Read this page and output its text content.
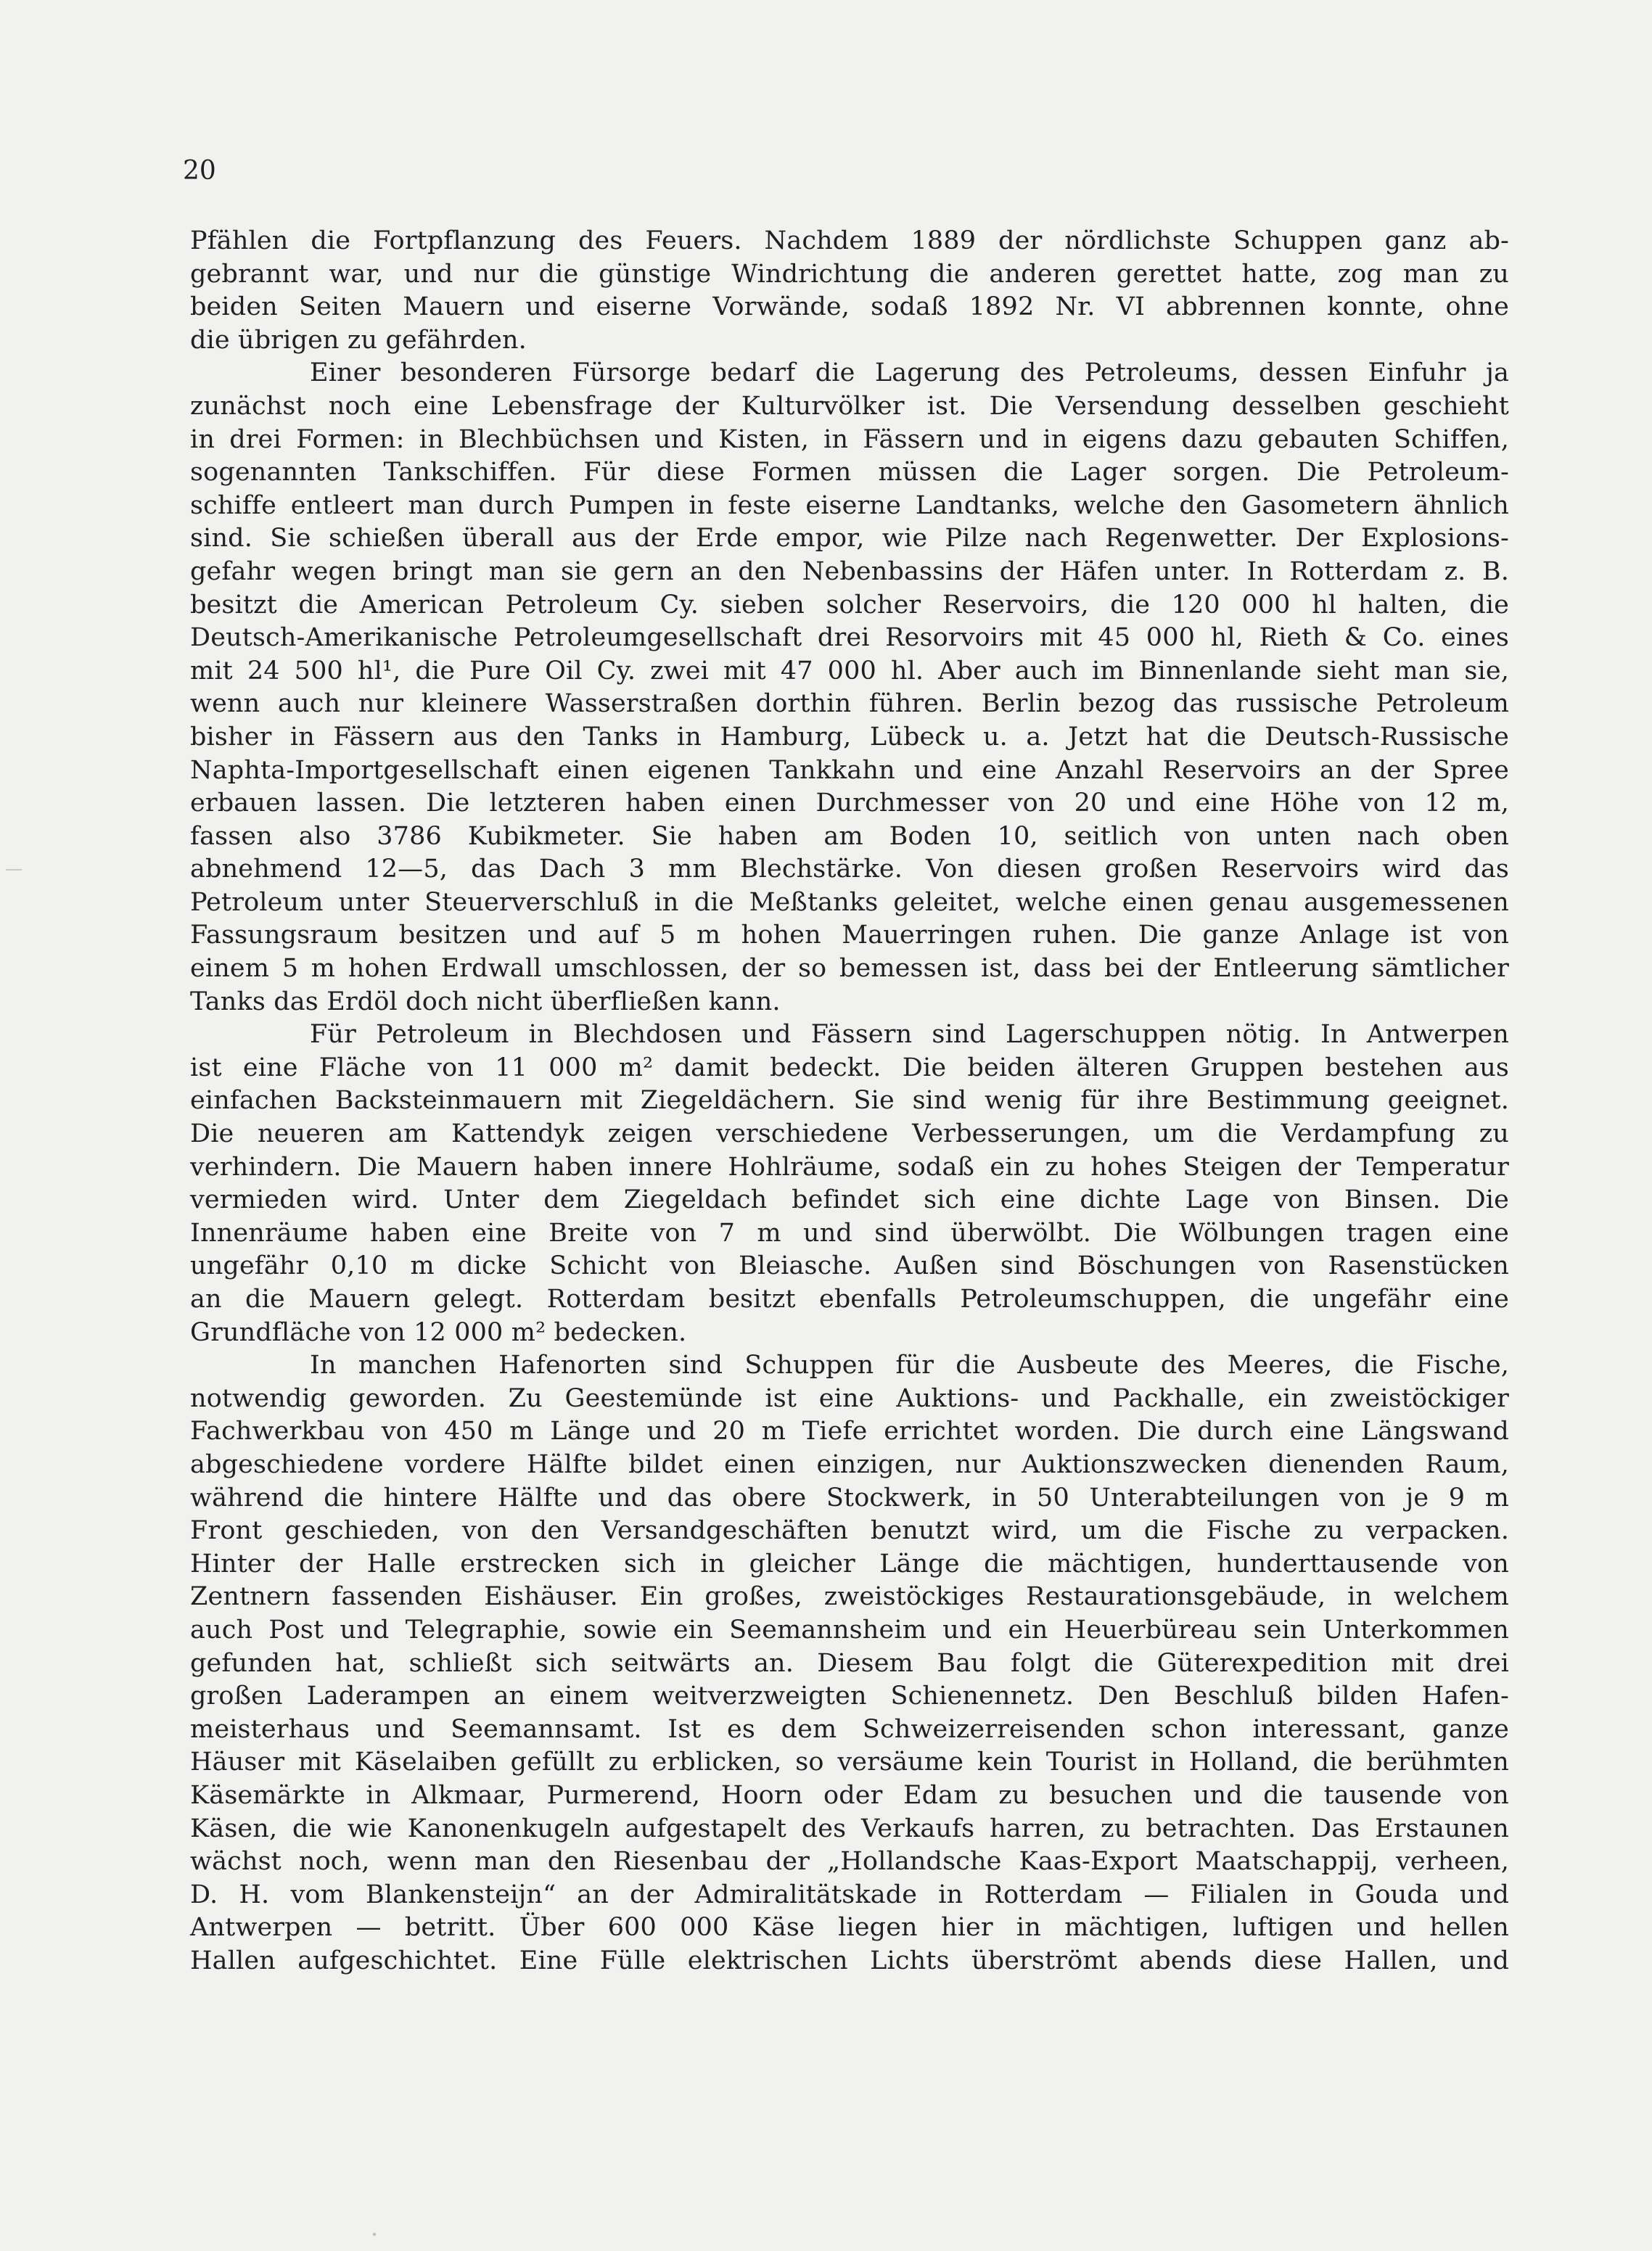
20
Pfählen die Fortpflanzung des Feuers. Nachdem 1889 der nördlichste Schuppen ganz ab-
gebrannt war, und nur die günstige Windrichtung die anderen gerettet hatte, zog man zu
beiden Seiten Mauern und eiserne Vorwände, sodaß 1892 Nr. VI abbrennen konnte, ohne
die übrigen zu gefährden.
Einer besonderen Fürsorge bedarf die Lagerung des Petroleums, dessen Einfuhr ja
zunächst noch eine Lebensfrage der Kulturvölker ist. Die Versendung desselben geschieht
in drei Formen: in Blechbüchsen und Kisten, in Fässern und in eigens dazu gebauten Schiffen,
sogenannten Tankschiffen. Für diese Formen müssen die Lager sorgen. Die Petroleum-
schiffe entleert man durch Pumpen in feste eiserne Landtanks, welche den Gasometern ähnlich
sind. Sie schießen überall aus der Erde empor, wie Pilze nach Regenwetter. Der Explosions-
gefahr wegen bringt man sie gern an den Nebenbassins der Häfen unter. In Rotterdam z. B.
besitzt die American Petroleum Cy. sieben solcher Reservoirs, die 120 000 hl halten, die
Deutsch-Amerikanische Petroleumgesellschaft drei Resorvoirs mit 45 000 hl, Rieth & Co. eines
mit 24 500 hl¹, die Pure Oil Cy. zwei mit 47 000 hl. Aber auch im Binnenlande sieht man sie,
wenn auch nur kleinere Wasserstraßen dorthin führen. Berlin bezog das russische Petroleum
bisher in Fässern aus den Tanks in Hamburg, Lübeck u. a. Jetzt hat die Deutsch-Russische
Naphta-Importgesellschaft einen eigenen Tankkahn und eine Anzahl Reservoirs an der Spree
erbauen lassen. Die letzteren haben einen Durchmesser von 20 und eine Höhe von 12 m,
fassen also 3786 Kubikmeter. Sie haben am Boden 10, seitlich von unten nach oben
abnehmend 12—5, das Dach 3 mm Blechstärke. Von diesen großen Reservoirs wird das
Petroleum unter Steuerverschluß in die Meßtanks geleitet, welche einen genau ausgemessenen
Fassungsraum besitzen und auf 5 m hohen Mauerringen ruhen. Die ganze Anlage ist von
einem 5 m hohen Erdwall umschlossen, der so bemessen ist, dass bei der Entleerung sämtlicher
Tanks das Erdöl doch nicht überfließen kann.
Für Petroleum in Blechdosen und Fässern sind Lagerschuppen nötig. In Antwerpen
ist eine Fläche von 11 000 m² damit bedeckt. Die beiden älteren Gruppen bestehen aus
einfachen Backsteinmauern mit Ziegeldächern. Sie sind wenig für ihre Bestimmung geeignet.
Die neueren am Kattendyk zeigen verschiedene Verbesserungen, um die Verdampfung zu
verhindern. Die Mauern haben innere Hohlräume, sodaß ein zu hohes Steigen der Temperatur
vermieden wird. Unter dem Ziegeldach befindet sich eine dichte Lage von Binsen. Die
Innenräume haben eine Breite von 7 m und sind überwölbt. Die Wölbungen tragen eine
ungefähr 0,10 m dicke Schicht von Bleiasche. Außen sind Böschungen von Rasenstücken
an die Mauern gelegt. Rotterdam besitzt ebenfalls Petroleumschuppen, die ungefähr eine
Grundfläche von 12 000 m² bedecken.
In manchen Hafenorten sind Schuppen für die Ausbeute des Meeres, die Fische,
notwendig geworden. Zu Geestemünde ist eine Auktions- und Packhalle, ein zweistöckiger
Fachwerkbau von 450 m Länge und 20 m Tiefe errichtet worden. Die durch eine Längswand
abgeschiedene vordere Hälfte bildet einen einzigen, nur Auktionszwecken dienenden Raum,
während die hintere Hälfte und das obere Stockwerk, in 50 Unterabteilungen von je 9 m
Front geschieden, von den Versandgeschäften benutzt wird, um die Fische zu verpacken.
Hinter der Halle erstrecken sich in gleicher Länge die mächtigen, hunderttausende von
Zentnern fassenden Eishäuser. Ein großes, zweistöckiges Restaurationsgebäude, in welchem
auch Post und Telegraphie, sowie ein Seemannsheim und ein Heuerbüreau sein Unterkommen
gefunden hat, schließt sich seitwärts an. Diesem Bau folgt die Güterexpedition mit drei
großen Laderampen an einem weitverzweigten Schienennetz. Den Beschluß bilden Hafen-
meisterhaus und Seemannsamt. Ist es dem Schweizerreisenden schon interessant, ganze
Häuser mit Käselaiben gefüllt zu erblicken, so versäume kein Tourist in Holland, die berühmten
Käsemärkte in Alkmaar, Purmerend, Hoorn oder Edam zu besuchen und die tausende von
Käsen, die wie Kanonenkugeln aufgestapelt des Verkaufs harren, zu betrachten. Das Erstaunen
wächst noch, wenn man den Riesenbau der „Hollandsche Kaas-Export Maatschappij, verheen,
D. H. vom Blankensteijn“ an der Admiralitätskade in Rotterdam — Filialen in Gouda und
Antwerpen — betritt. Über 600 000 Käse liegen hier in mächtigen, luftigen und hellen
Hallen aufgeschichtet. Eine Fülle elektrischen Lichts überströmt abends diese Hallen, und
